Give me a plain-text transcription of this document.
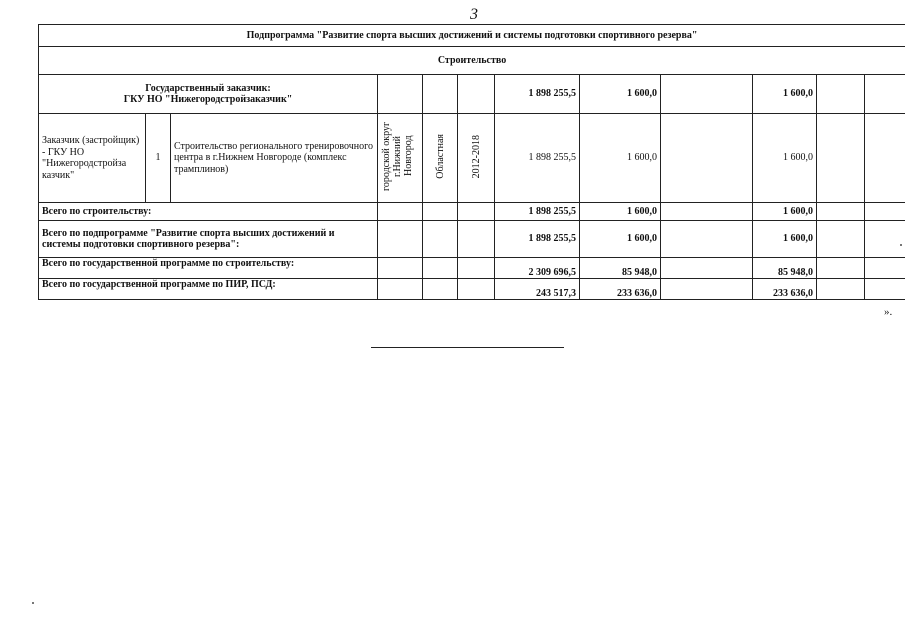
3
Подпрограмма "Развитие спорта высших достижений и системы подготовки спортивного резерва"											
Строительство											

Государственный заказчик:
ГКУ НО "Нижегородстройзаказчик"						1 898 255,5	1 600,0		1 600,0		
Заказчик (застройщик) - ГКУ НО "Нижегородстройза казчик"	1	Строительство регионального тренировочного центра в г.Нижнем Новгороде (комплекс трамплинов)	городской округ г.Нижний Новгород	Областная	2012-2018	1 898 255,5	1 600,0		1 600,0		
Всего по строительству:						1 898 255,5	1 600,0		1 600,0		
Всего по подпрограмме "Развитие спорта высших достижений и системы подготовки спортивного резерва":						1 898 255,5	1 600,0		1 600,0		
Всего по государственной программе по строительству:						2 309 696,5	85 948,0		85 948,0		
Всего по государственной программе по ПИР, ПСД:						243 517,3	233 636,0		233 636,0		
».
